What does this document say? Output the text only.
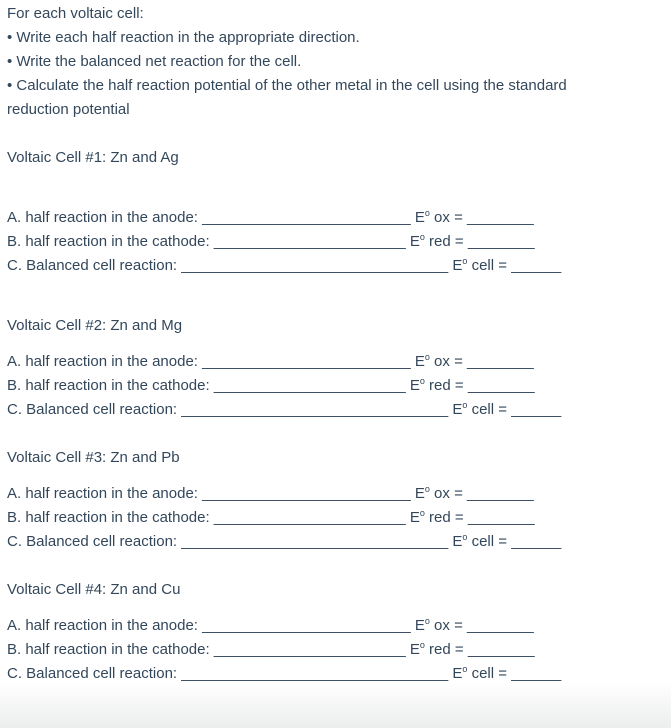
For each voltaic cell:

• Write each half reaction in the appropriate direction.

• Write the balanced net reaction for the cell.

• Calculate the half reaction potential of the other metal in the cell using the standard

reduction potential

Voltaic Cell #1: Zn and Ag

A. half reaction in the anode: _________________________ $E^o$ ox = ________

B. half reaction in the cathode: _______________________ $E^o$ red = ________

C. Balanced cell reaction: ________________________________ $E^o$ cell = ______

Voltaic Cell #2: Zn and Mg

A. half reaction in the anode: _________________________ $E^o$ ox = ________

B. half reaction in the cathode: _______________________ $E^o$ red = ________

C. Balanced cell reaction: ________________________________ $E^o$ cell = ______

Voltaic Cell #3: Zn and Pb

A. half reaction in the anode: _________________________ $E^o$ ox = ________

B. half reaction in the cathode: _______________________ $E^o$ red = ________

C. Balanced cell reaction: ________________________________ $E^o$ cell = ______

Voltaic Cell #4: Zn and Cu

A. half reaction in the anode: _________________________ $E^o$ ox = ________

B. half reaction in the cathode: _______________________ $E^o$ red = ________

C. Balanced cell reaction: ________________________________ $E^o$ cell = ______
